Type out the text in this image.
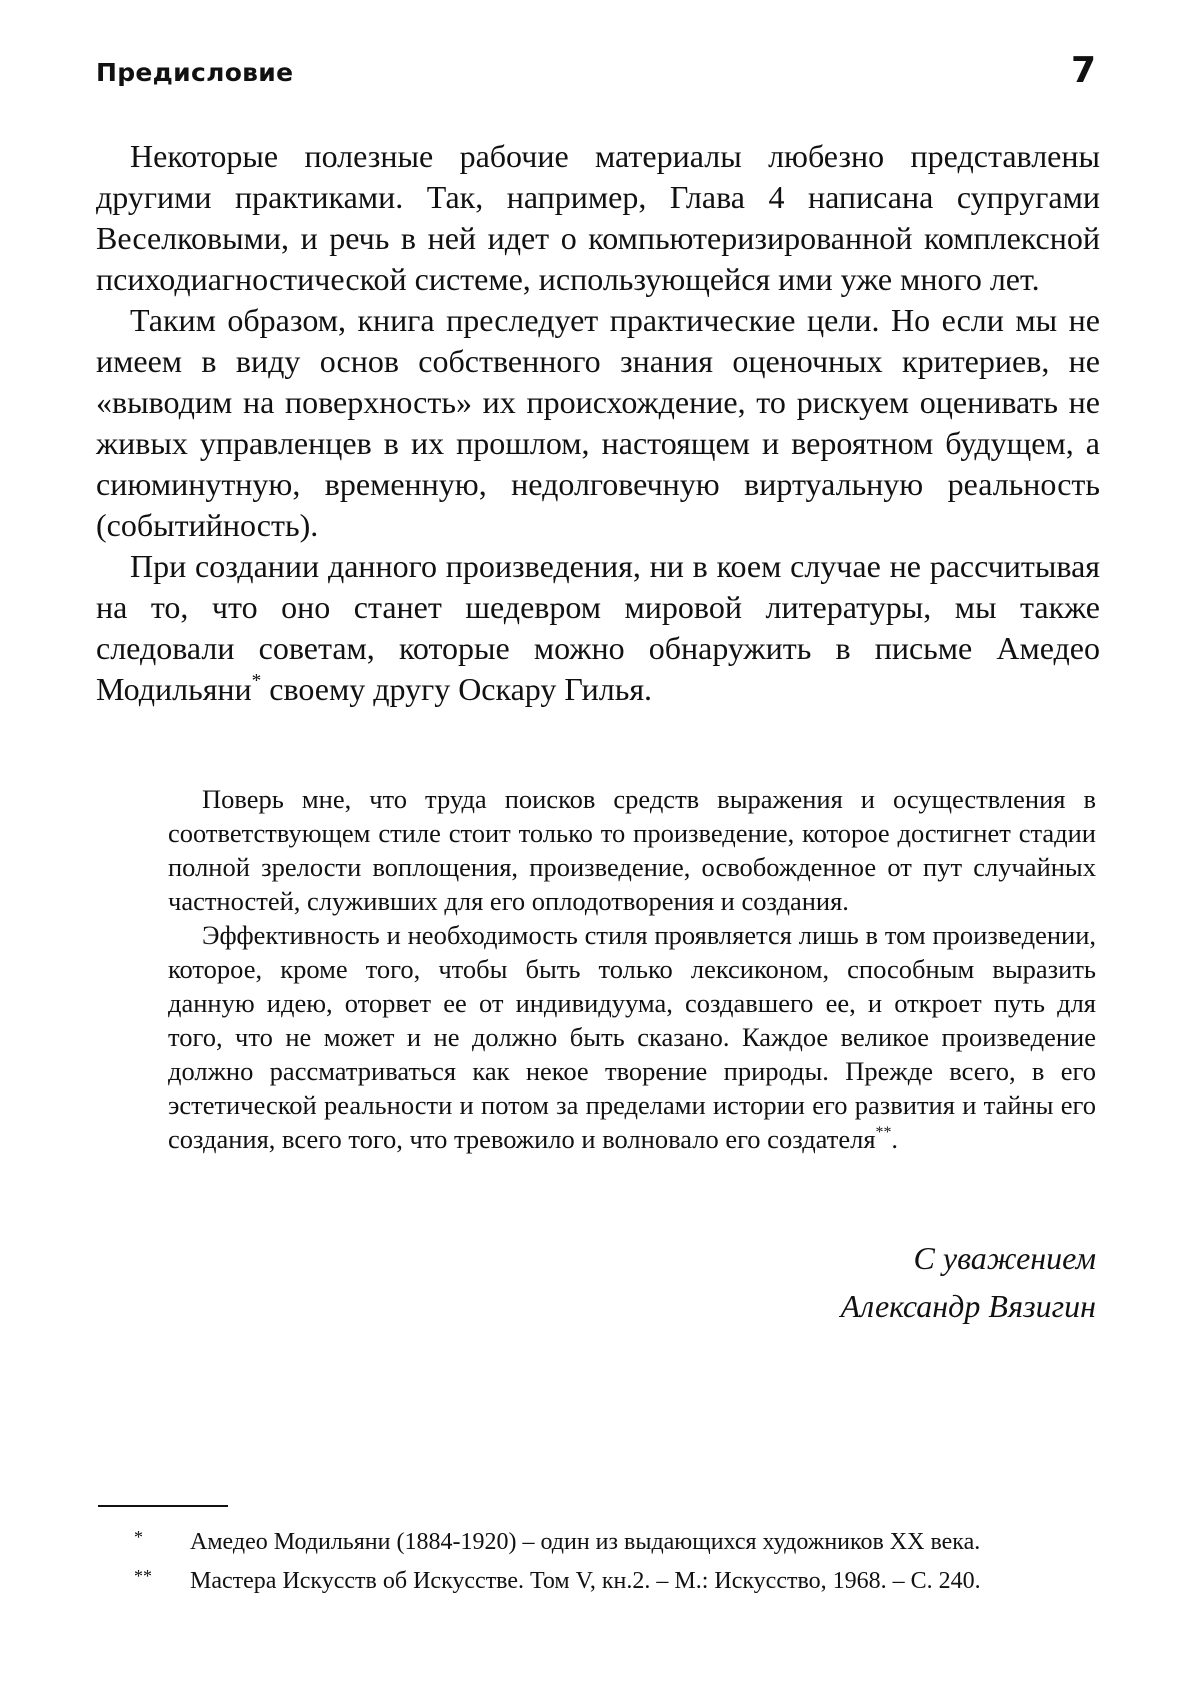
Предисловие	7

Некоторые полезные рабочие материалы любезно представлены другими практиками. Так, например, Глава 4 написана супругами Веселковыми, и речь в ней идет о компьютеризированной комплексной психодиагностической системе, использующейся ими уже много лет.

Таким образом, книга преследует практические цели. Но если мы не имеем в виду основ собственного знания оценочных критериев, не «выводим на поверхность» их происхождение, то рискуем оценивать не живых управленцев в их прошлом, настоящем и вероятном будущем, а сиюминутную, временную, недолговечную виртуальную реальность (событийность).

При создании данного произведения, ни в коем случае не рассчитывая на то, что оно станет шедевром мировой литературы, мы также следовали советам, которые можно обнаружить в письме Амедео Модильяни* своему другу Оскару Гилья.

Поверь мне, что труда поисков средств выражения и осуществления в соответствующем стиле стоит только то произведение, которое достигнет стадии полной зрелости воплощения, произведение, освобожденное от пут случайных частностей, служивших для его оплодотворения и создания.

Эффективность и необходимость стиля проявляется лишь в том произведении, которое, кроме того, чтобы быть только лексиконом, способным выразить данную идею, оторвет ее от индивидуума, создавшего ее, и откроет путь для того, что не может и не должно быть сказано. Каждое великое произведение должно рассматриваться как некое творение природы. Прежде всего, в его эстетической реальности и потом за пределами истории его развития и тайны его создания, всего того, что тревожило и волновало его создателя**.

С уважением
Александр Вязигин

* Амедео Модильяни (1884-1920) – один из выдающихся художников XX века.

** Мастера Искусств об Искусстве. Том V, кн.2. – М.: Искусство, 1968. – С. 240.
